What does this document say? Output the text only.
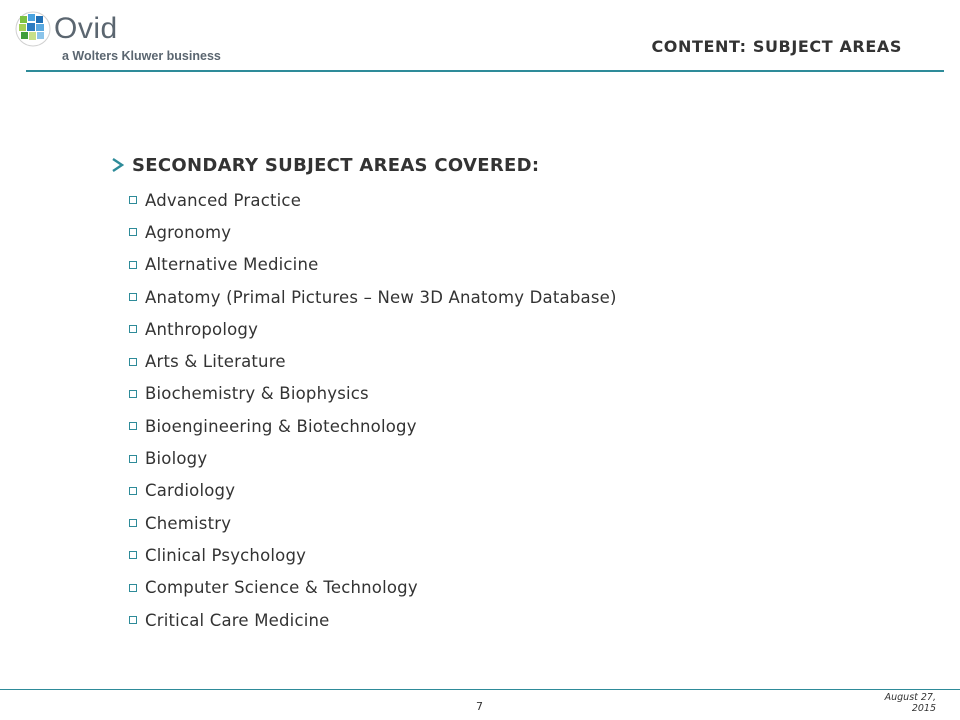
Ovid
a Wolters Kluwer business	CONTENT: SUBJECT AREAS
SECONDARY SUBJECT AREAS COVERED:
Advanced Practice
Agronomy
Alternative Medicine
Anatomy (Primal Pictures – New 3D Anatomy Database)
Anthropology
Arts & Literature
Biochemistry & Biophysics
Bioengineering & Biotechnology
Biology
Cardiology
Chemistry
Clinical Psychology
Computer Science & Technology
Critical Care Medicine
7
August 27,
2015
